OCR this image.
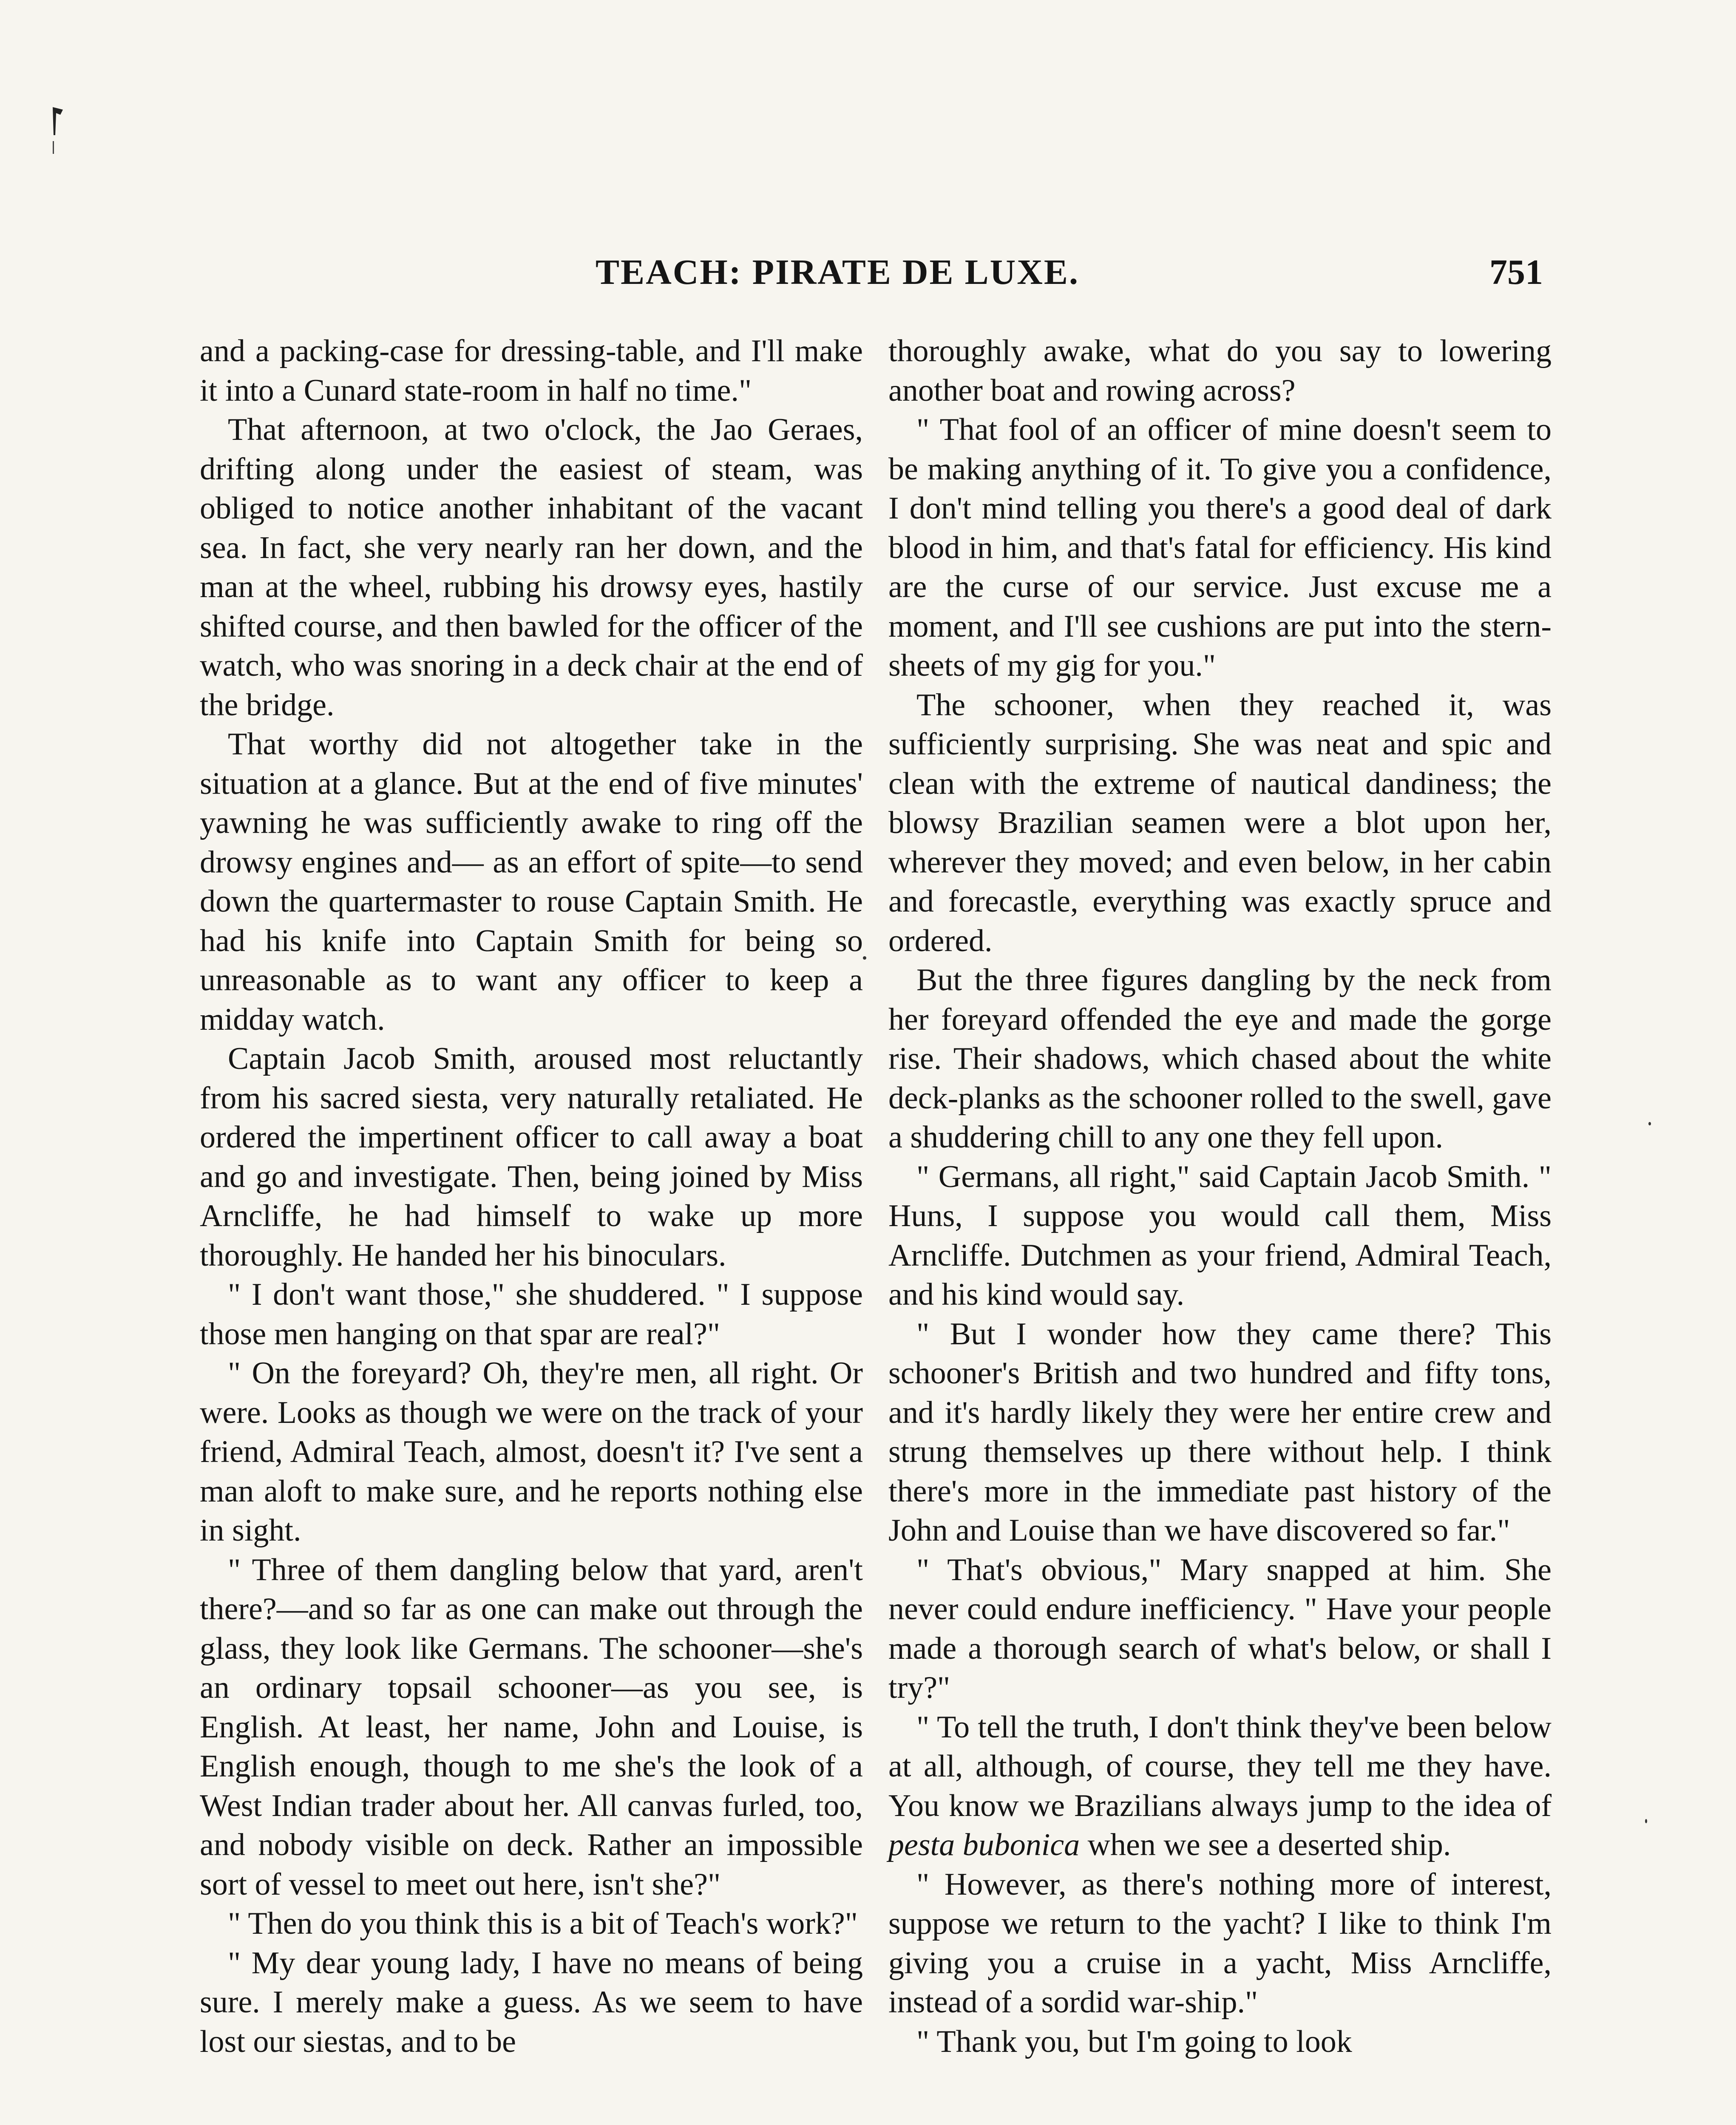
TEACH: PIRATE DE LUXE.	751

and a packing-case for dressing-table, and I'll make it into a Cunard state-room in half no time."

That afternoon, at two o'clock, the Jao Geraes, drifting along under the easiest of steam, was obliged to notice another inhabitant of the vacant sea. In fact, she very nearly ran her down, and the man at the wheel, rubbing his drowsy eyes, hastily shifted course, and then bawled for the officer of the watch, who was snoring in a deck chair at the end of the bridge.

That worthy did not altogether take in the situation at a glance. But at the end of five minutes' yawning he was sufficiently awake to ring off the drowsy engines and— as an effort of spite—to send down the quartermaster to rouse Captain Smith. He had his knife into Captain Smith for being so unreasonable as to want any officer to keep a midday watch.

Captain Jacob Smith, aroused most reluctantly from his sacred siesta, very naturally retaliated. He ordered the impertinent officer to call away a boat and go and investigate. Then, being joined by Miss Arncliffe, he had himself to wake up more thoroughly. He handed her his binoculars.

" I don't want those," she shuddered. " I suppose those men hanging on that spar are real?"

" On the foreyard? Oh, they're men, all right. Or were. Looks as though we were on the track of your friend, Admiral Teach, almost, doesn't it? I've sent a man aloft to make sure, and he reports nothing else in sight.

" Three of them dangling below that yard, aren't there?—and so far as one can make out through the glass, they look like Germans. The schooner—she's an ordinary topsail schooner—as you see, is English. At least, her name, John and Louise, is English enough, though to me she's the look of a West Indian trader about her. All canvas furled, too, and nobody visible on deck. Rather an impossible sort of vessel to meet out here, isn't she?"

" Then do you think this is a bit of Teach's work?"

" My dear young lady, I have no means of being sure. I merely make a guess. As we seem to have lost our siestas, and to be

thoroughly awake, what do you say to lowering another boat and rowing across?

" That fool of an officer of mine doesn't seem to be making anything of it. To give you a confidence, I don't mind telling you there's a good deal of dark blood in him, and that's fatal for efficiency. His kind are the curse of our service. Just excuse me a moment, and I'll see cushions are put into the stern-sheets of my gig for you."

The schooner, when they reached it, was sufficiently surprising. She was neat and spic and clean with the extreme of nautical dandiness; the blowsy Brazilian seamen were a blot upon her, wherever they moved; and even below, in her cabin and forecastle, everything was exactly spruce and ordered.

But the three figures dangling by the neck from her foreyard offended the eye and made the gorge rise. Their shadows, which chased about the white deck-planks as the schooner rolled to the swell, gave a shuddering chill to any one they fell upon.

" Germans, all right," said Captain Jacob Smith. " Huns, I suppose you would call them, Miss Arncliffe. Dutchmen as your friend, Admiral Teach, and his kind would say.

" But I wonder how they came there? This schooner's British and two hundred and fifty tons, and it's hardly likely they were her entire crew and strung themselves up there without help. I think there's more in the immediate past history of the John and Louise than we have discovered so far."

" That's obvious," Mary snapped at him. She never could endure inefficiency. " Have your people made a thorough search of what's below, or shall I try?"

" To tell the truth, I don't think they've been below at all, although, of course, they tell me they have. You know we Brazilians always jump to the idea of pesta bubonica when we see a deserted ship.

" However, as there's nothing more of interest, suppose we return to the yacht? I like to think I'm giving you a cruise in a yacht, Miss Arncliffe, instead of a sordid war-ship."

" Thank you, but I'm going to look
